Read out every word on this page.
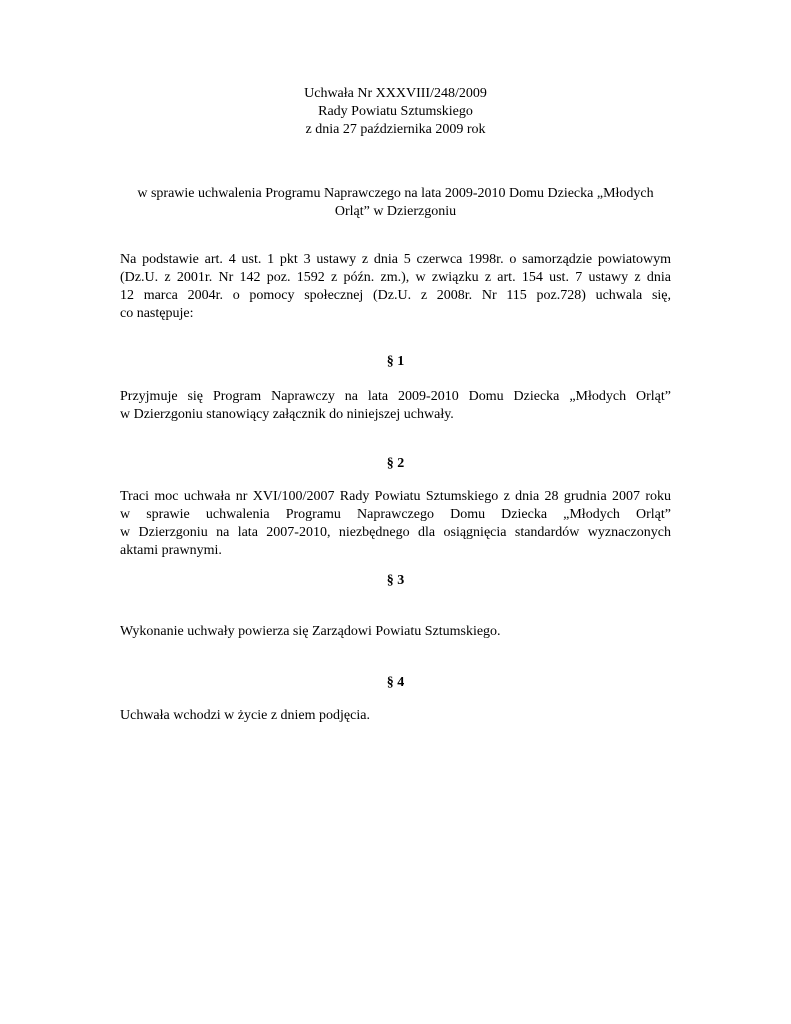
Uchwała Nr XXXVIII/248/2009
Rady Powiatu Sztumskiego
z dnia 27 października 2009 rok
w sprawie uchwalenia Programu Naprawczego na lata 2009-2010 Domu Dziecka „Młodych
Orląt” w Dzierzgoniu
Na podstawie art. 4 ust. 1 pkt 3 ustawy z dnia 5 czerwca 1998r. o samorządzie powiatowym
(Dz.U. z 2001r. Nr 142 poz. 1592 z późn. zm.), w związku z art. 154 ust. 7 ustawy z dnia
12 marca 2004r. o pomocy społecznej (Dz.U. z 2008r. Nr 115 poz.728) uchwala się,
co następuje:
§ 1
Przyjmuje się Program Naprawczy na lata 2009-2010 Domu Dziecka „Młodych Orląt”
w Dzierzgoniu stanowiący załącznik do niniejszej uchwały.
§ 2
Traci moc uchwała nr XVI/100/2007 Rady Powiatu Sztumskiego z dnia 28 grudnia 2007 roku
w sprawie uchwalenia Programu Naprawczego Domu Dziecka „Młodych Orląt”
w Dzierzgoniu na lata 2007-2010, niezbędnego dla osiągnięcia standardów wyznaczonych
aktami prawnymi.
§ 3
Wykonanie uchwały powierza się Zarządowi Powiatu Sztumskiego.
§ 4
Uchwała wchodzi w życie z dniem podjęcia.
